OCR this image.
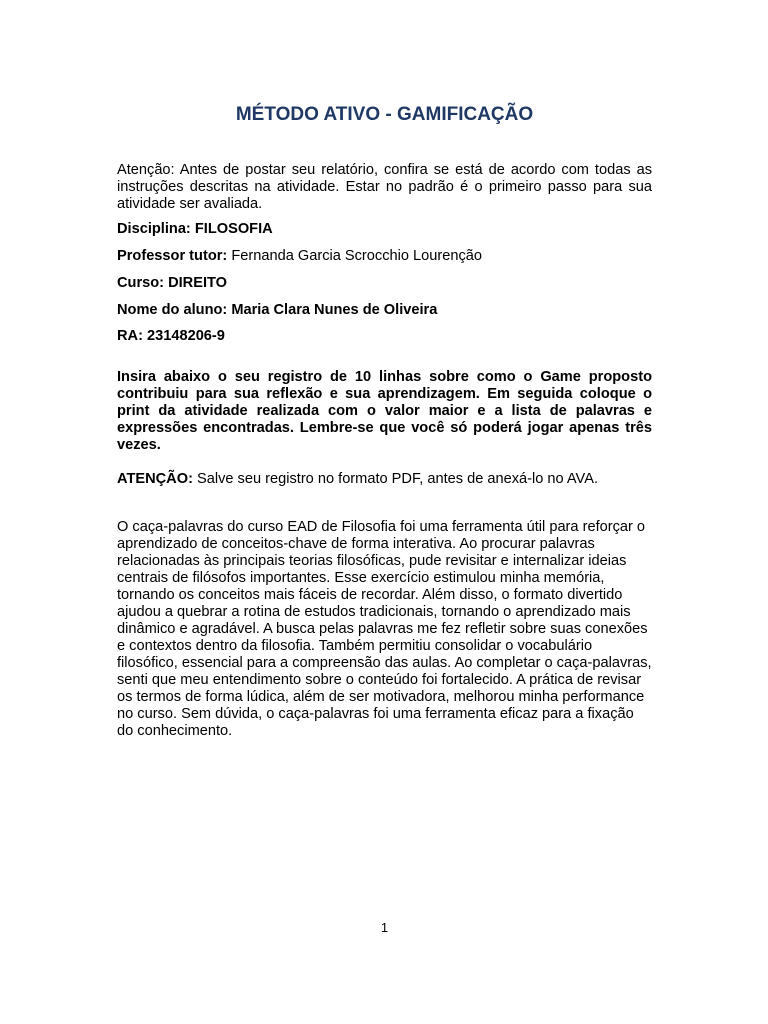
MÉTODO ATIVO - GAMIFICAÇÃO

Atenção: Antes de postar seu relatório, confira se está de acordo com todas as instruções descritas na atividade. Estar no padrão é o primeiro passo para sua atividade ser avaliada.

Disciplina: FILOSOFIA

Professor tutor: Fernanda Garcia Scrocchio Lourenção

Curso: DIREITO

Nome do aluno: Maria Clara Nunes de Oliveira

RA: 23148206-9

Insira abaixo o seu registro de 10 linhas sobre como o Game proposto contribuiu para sua reflexão e sua aprendizagem. Em seguida coloque o print da atividade realizada com o valor maior e a lista de palavras e expressões encontradas. Lembre-se que você só poderá jogar apenas três vezes.

ATENÇÃO: Salve seu registro no formato PDF, antes de anexá-lo no AVA.

O caça-palavras do curso EAD de Filosofia foi uma ferramenta útil para reforçar o aprendizado de conceitos-chave de forma interativa. Ao procurar palavras relacionadas às principais teorias filosóficas, pude revisitar e internalizar ideias centrais de filósofos importantes. Esse exercício estimulou minha memória, tornando os conceitos mais fáceis de recordar. Além disso, o formato divertido ajudou a quebrar a rotina de estudos tradicionais, tornando o aprendizado mais dinâmico e agradável. A busca pelas palavras me fez refletir sobre suas conexões e contextos dentro da filosofia. Também permitiu consolidar o vocabulário filosófico, essencial para a compreensão das aulas. Ao completar o caça-palavras, senti que meu entendimento sobre o conteúdo foi fortalecido. A prática de revisar os termos de forma lúdica, além de ser motivadora, melhorou minha performance no curso. Sem dúvida, o caça-palavras foi uma ferramenta eficaz para a fixação do conhecimento.

1
